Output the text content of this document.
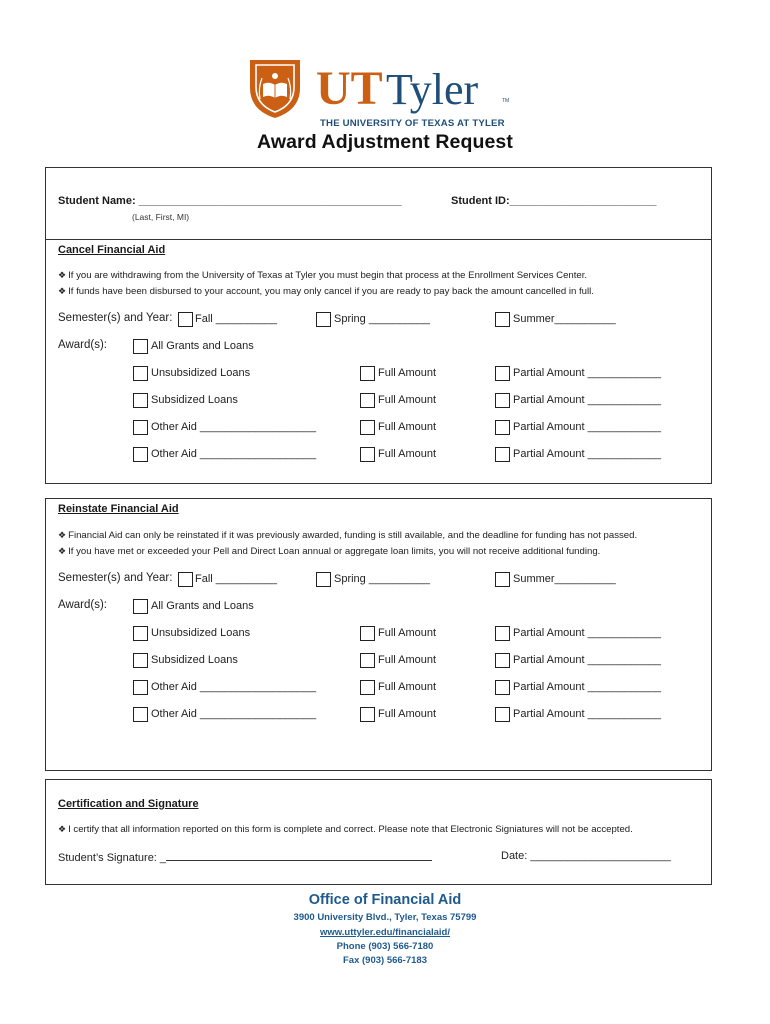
UT Tyler	TM
THE UNIVERSITY OF TEXAS AT TYLER
Award Adjustment Request
Student Name: ___________________________________________
(Last, First, MI)
Student ID:________________________
Cancel Financial Aid
❖ If you are withdrawing from the University of Texas at Tyler you must begin that process at the Enrollment Services Center.
❖ If funds have been disbursed to your account, you may only cancel if you are ready to pay back the amount cancelled in full.
Semester(s) and Year: Fall __________	Spring __________	Summer__________
Award(s):	All Grants and Loans
Unsubsidized Loans	Full Amount	Partial Amount ____________
Subsidized Loans	Full Amount	Partial Amount ____________
Other Aid ___________________	Full Amount	Partial Amount ____________
Other Aid ___________________	Full Amount	Partial Amount ____________
Reinstate Financial Aid
❖ Financial Aid can only be reinstated if it was previously awarded, funding is still available, and the deadline for funding has not passed.
❖ If you have met or exceeded your Pell and Direct Loan annual or aggregate loan limits, you will not receive additional funding.
Semester(s) and Year: Fall __________	Spring __________	Summer__________
Award(s):	All Grants and Loans
Unsubsidized Loans	Full Amount	Partial Amount ____________
Subsidized Loans	Full Amount	Partial Amount ____________
Other Aid ___________________	Full Amount	Partial Amount ____________
Other Aid ___________________	Full Amount	Partial Amount ____________
Certification and Signature
❖ I certify that all information reported on this form is complete and correct. Please note that Electronic Signiatures will not be accepted.
Student’s Signature: _	Date: _______________________
Office of Financial Aid
3900 University Blvd., Tyler, Texas 75799
www.uttyler.edu/financialaid/
Phone (903) 566-7180
Fax (903) 566-7183
